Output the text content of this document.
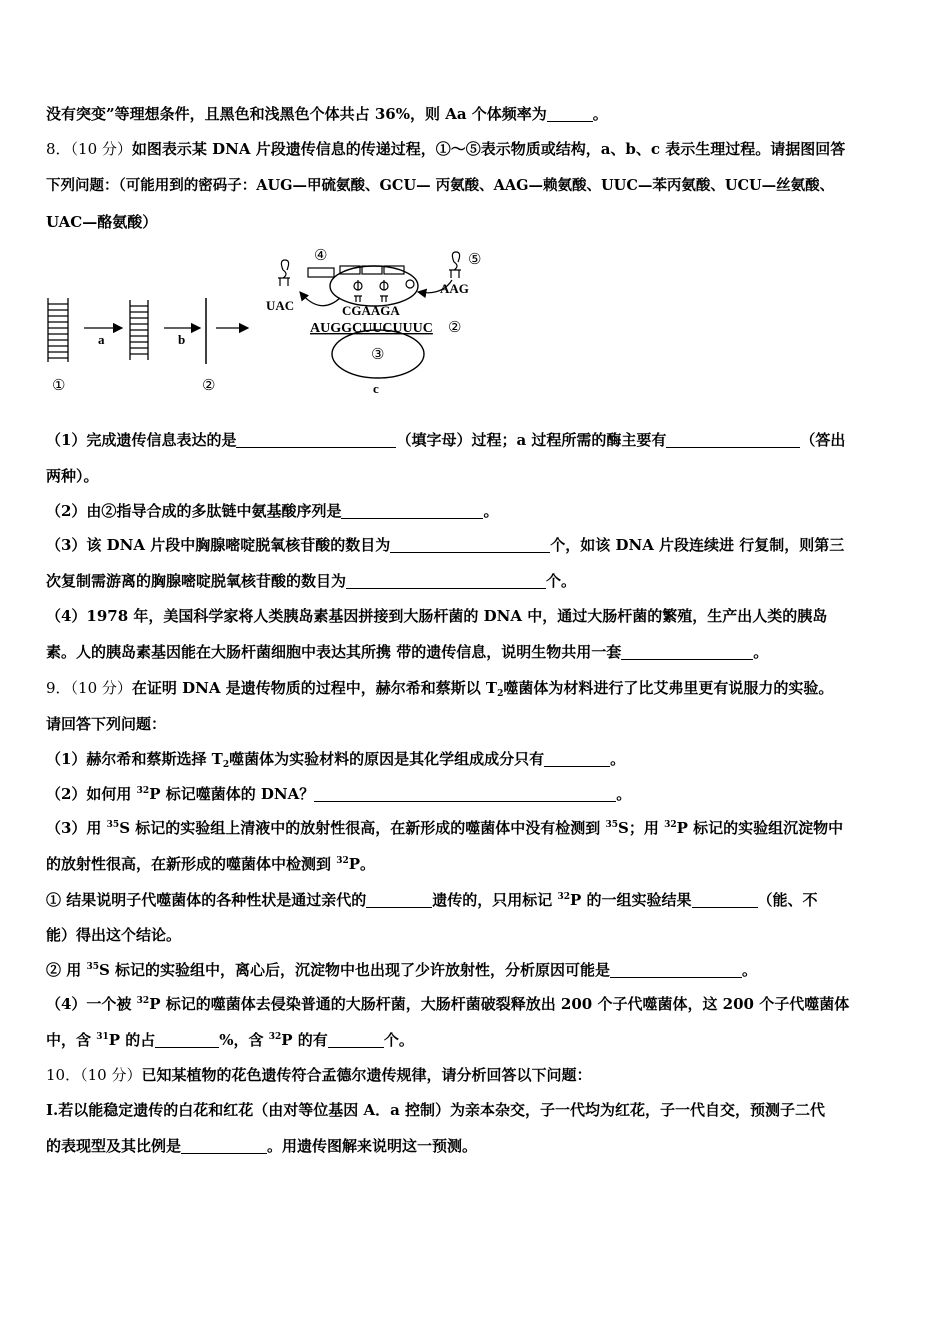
没有突变”等理想条件，且黑色和浅黑色个体共占 36%，则 Aa 个体频率为	。
8．（10 分）如图表示某 DNA 片段遗传信息的传递过程，①～⑤表示物质或结构，a、b、c 表示生理过程。请据图回答
下列问题：（可能用到的密码子：AUG—甲硫氨酸、GCU— 丙氨酸、AAG—赖氨酸、UUC—苯丙氨酸、UCU—丝氨酸、
UAC—酪氨酸）
①
a	b
②
④
UAC
⑤
AAG
CGAAGA
AUGGCUUCUUUC ②
③
c
（1）完成遗传信息表达的是	（填字母）过程；a 过程所需的酶主要有	（答出
两种）。
（2）由②指导合成的多肽链中氨基酸序列是	。
（3）该 DNA 片段中胸腺嘧啶脱氧核苷酸的数目为	个，如该 DNA 片段连续进 行复制，则第三
次复制需游离的胸腺嘧啶脱氧核苷酸的数目为	个。
（4）1978 年，美国科学家将人类胰岛素基因拼接到大肠杆菌的 DNA 中，通过大肠杆菌的繁殖，生产出人类的胰岛
素。人的胰岛素基因能在大肠杆菌细胞中表达其所携 带的遗传信息，说明生物共用一套	。
9．（10 分）在证明 DNA 是遗传物质的过程中，赫尔希和蔡斯以 $T_2$噬菌体为材料进行了比艾弗里更有说服力的实验。
请回答下列问题：
（1）赫尔希和蔡斯选择 $T_2$噬菌体为实验材料的原因是其化学组成成分只有	。
（2）如何用 $^{32}$P 标记噬菌体的 DNA？	。
（3）用 $^{35}$S 标记的实验组上清液中的放射性很高，在新形成的噬菌体中没有检测到 $^{35}$S；用 $^{32}$P 标记的实验组沉淀物中
的放射性很高，在新形成的噬菌体中检测到 $^{32}$P。
① 结果说明子代噬菌体的各种性状是通过亲代的	遗传的，只用标记 $^{32}$P 的一组实验结果	（能、不
能）得出这个结论。
② 用 $^{35}$S 标记的实验组中，离心后，沉淀物中也出现了少许放射性，分析原因可能是	。
（4）一个被 $^{32}$P 标记的噬菌体去侵染普通的大肠杆菌，大肠杆菌破裂释放出 200 个子代噬菌体，这 200 个子代噬菌体
中，含 $^{31}$P 的占	%，含 $^{32}$P 的有	个。
10．（10 分）已知某植物的花色遗传符合孟德尔遗传规律，请分析回答以下问题：
I.若以能稳定遗传的白花和红花（由对等位基因 A．a 控制）为亲本杂交，子一代均为红花，子一代自交，预测子二代
的表现型及其比例是	。用遗传图解来说明这一预测。
